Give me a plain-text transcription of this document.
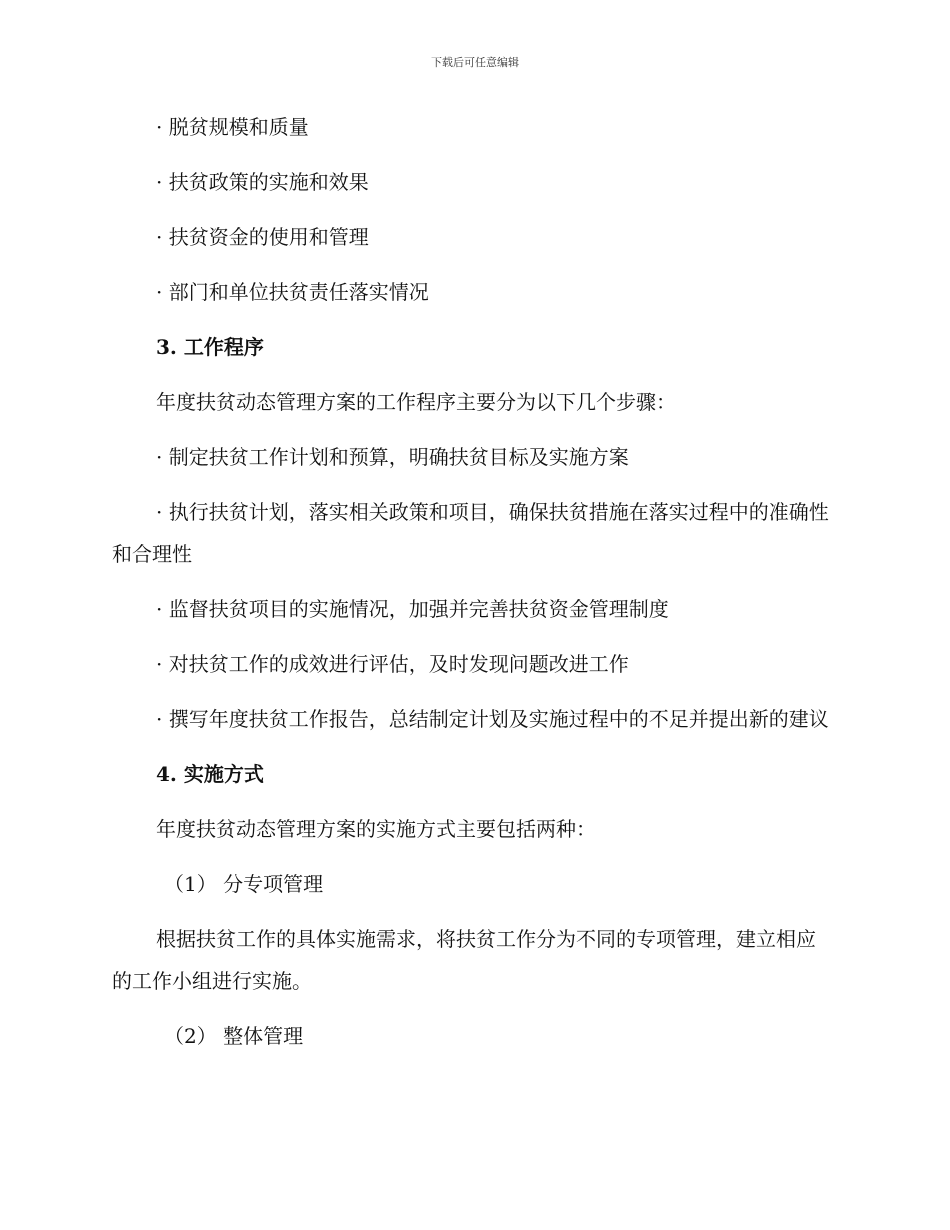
下载后可任意编辑

· 脱贫规模和质量

· 扶贫政策的实施和效果

· 扶贫资金的使用和管理

· 部门和单位扶贫责任落实情况

3. 工作程序

年度扶贫动态管理方案的工作程序主要分为以下几个步骤：

· 制定扶贫工作计划和预算，明确扶贫目标及实施方案

· 执行扶贫计划，落实相关政策和项目，确保扶贫措施在落实过程中的准确性和合理性

· 监督扶贫项目的实施情况，加强并完善扶贫资金管理制度

· 对扶贫工作的成效进行评估，及时发现问题改进工作

· 撰写年度扶贫工作报告，总结制定计划及实施过程中的不足并提出新的建议

4. 实施方式

年度扶贫动态管理方案的实施方式主要包括两种：

（1） 分专项管理

根据扶贫工作的具体实施需求，将扶贫工作分为不同的专项管理，建立相应的工作小组进行实施。

（2） 整体管理
